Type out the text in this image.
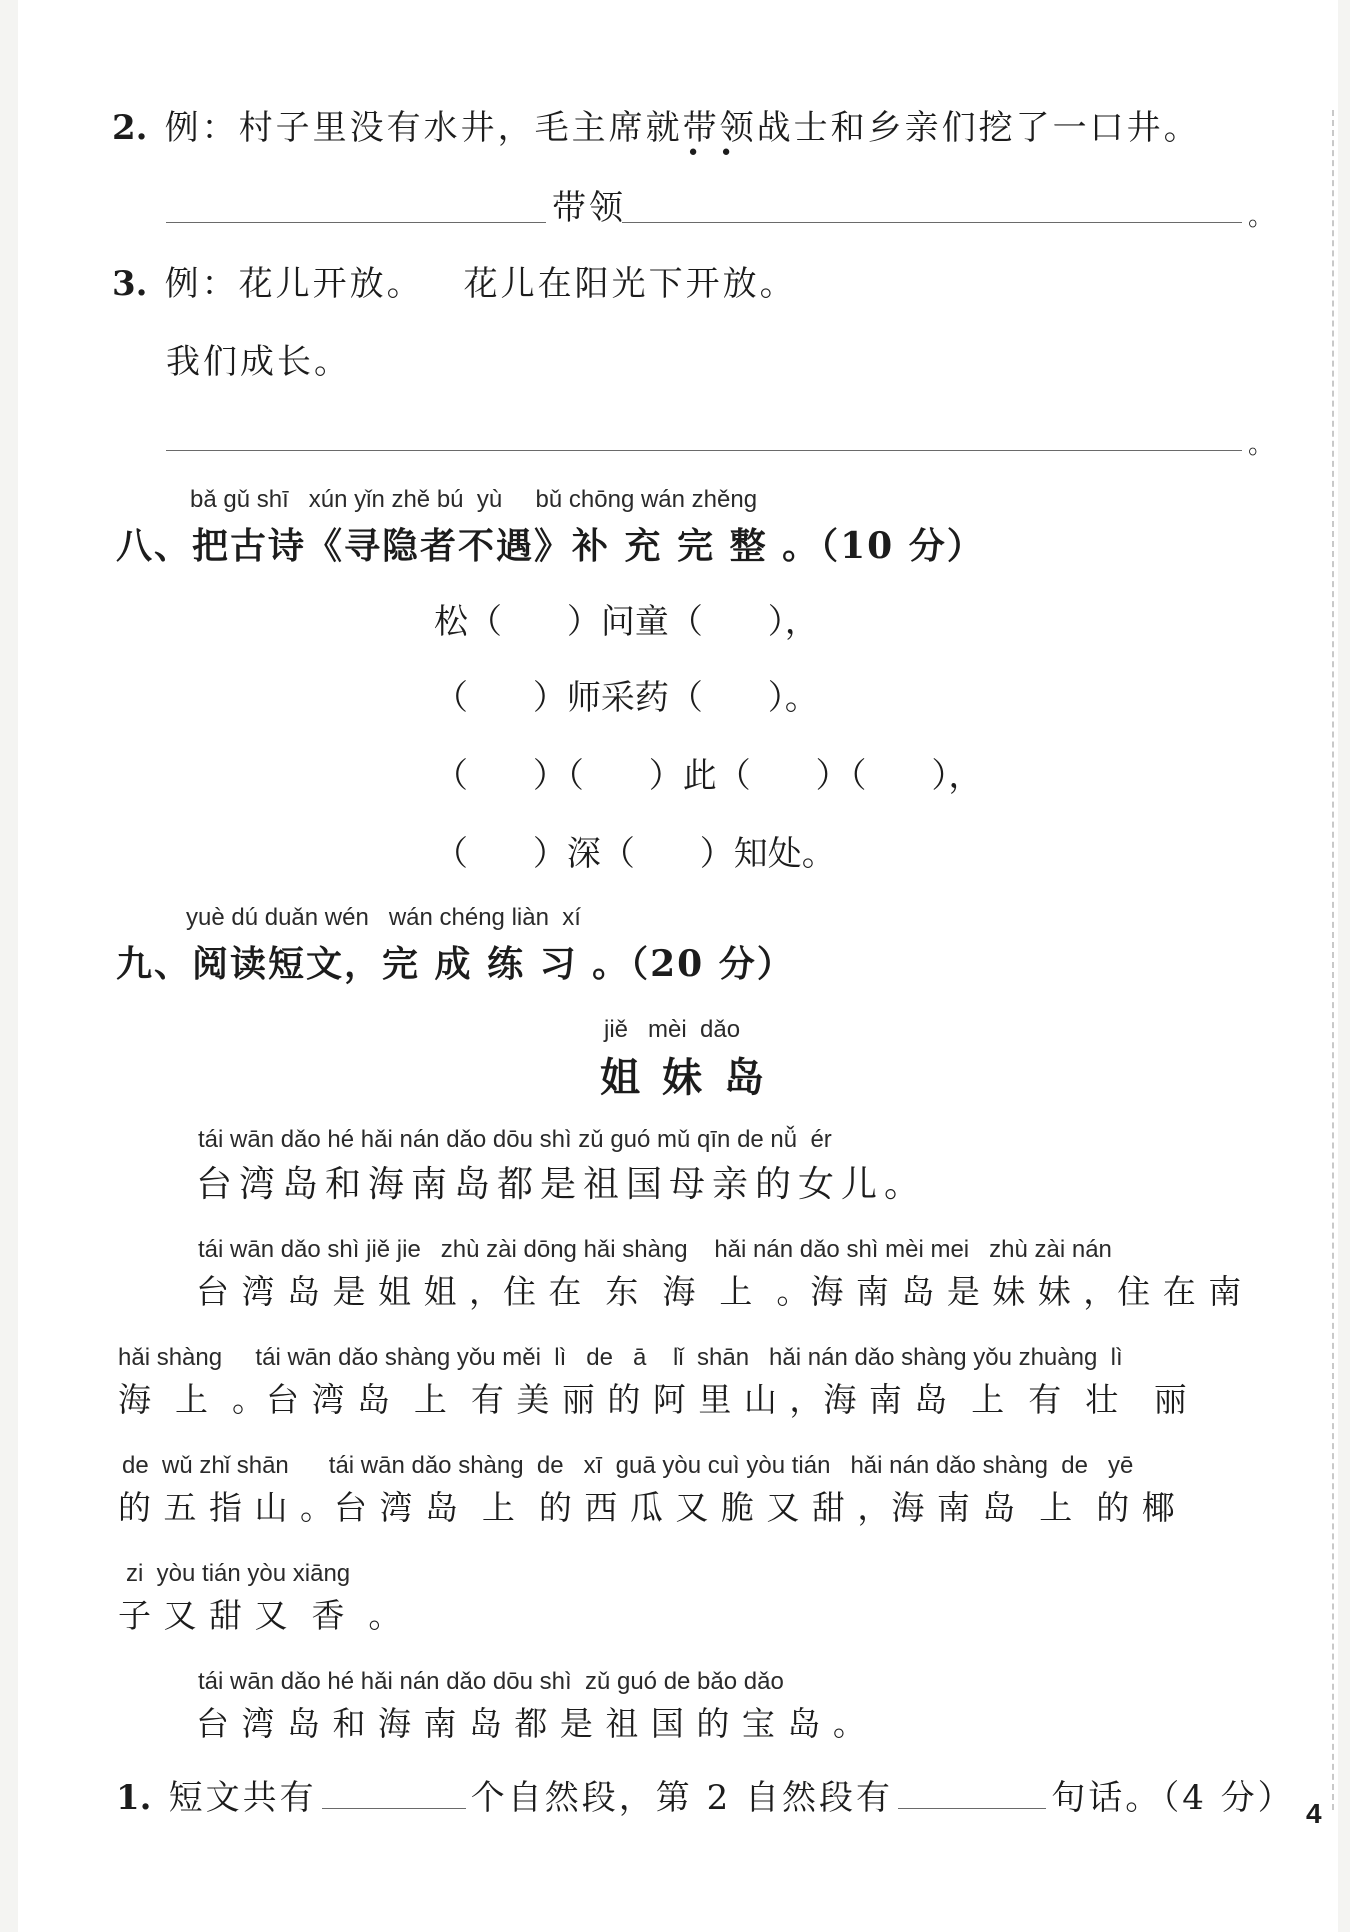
2. 例：村子里没有水井，毛主席就带领
••
战士和乡亲们挖了一口井。
带领	。
3. 例：花儿开放。 花儿在阳光下开放。
我们成长。
。
bǎ gǔ shī   xún yǐn zhě bú  yù     bǔ chōng wán zhěng
八、把古诗《寻隐者不遇》补 充 完 整 。（10 分）
松（      ）问童（      ），
（      ）师采药（      ）。
（      ）（      ）此（      ）（      ），
（      ）深（      ）知处。
yuè dú duǎn wén   wán chéng liàn  xí
九、阅读短文，完 成 练 习 。（20 分）
jiě   mèi  dǎo
姐妹岛
tái wān dǎo hé hǎi nán dǎo dōu shì zǔ guó mǔ qīn de nǚ  ér
台湾岛和海南岛都是祖国母亲的女儿。
tái wān dǎo shì jiě jie   zhù zài dōng hǎi shàng    hǎi nán dǎo shì mèi mei   zhù zài nán
台 湾 岛 是 姐 姐 ，住 在  东  海  上  。海 南 岛 是 妹 妹 ，住 在 南
hǎi shàng     tái wān dǎo shàng yǒu měi  lì   de   ā    lǐ  shān   hǎi nán dǎo shàng yǒu zhuàng  lì
海  上  。台 湾 岛  上  有 美 丽 的 阿 里 山 ，海 南 岛  上  有  壮   丽
de  wǔ zhǐ shān      tái wān dǎo shàng  de   xī  guā yòu cuì yòu tián   hǎi nán dǎo shàng  de   yē
的 五 指 山 。台 湾 岛  上  的 西 瓜 又 脆 又 甜 ，海 南 岛  上  的 椰
zi  yòu tián yòu xiāng
子 又 甜 又  香  。
tái wān dǎo hé hǎi nán dǎo dōu shì  zǔ guó de bǎo dǎo
台 湾 岛 和 海 南 岛 都 是 祖 国 的 宝 岛 。
1. 短文共有	个自然段，第 2 自然段有	句话。（4 分） 4
